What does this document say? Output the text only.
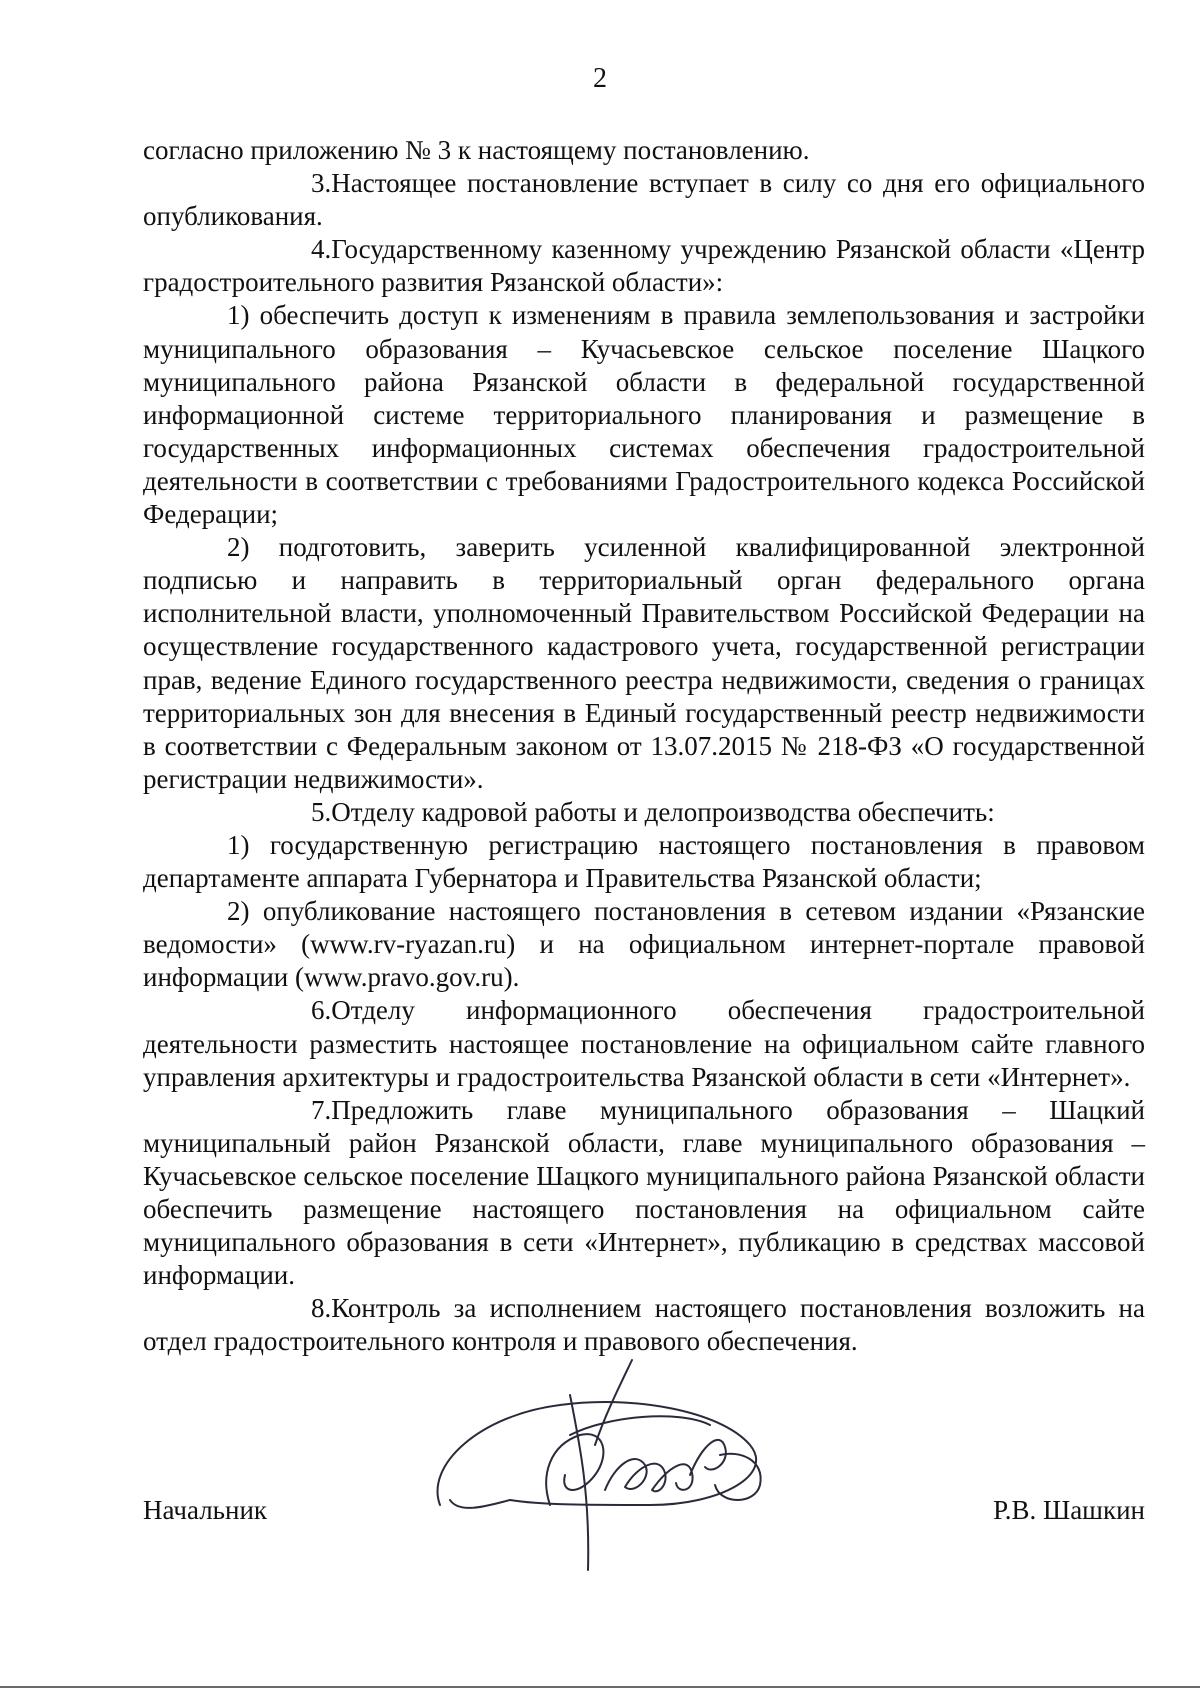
2

согласно приложению № 3 к настоящему постановлению.

3.Настоящее постановление вступает в силу со дня его официального опубликования.

4.Государственному казенному учреждению Рязанской области «Центр градостроительного развития Рязанской области»:

1) обеспечить доступ к изменениям в правила землепользования и застройки муниципального образования – Кучасьевское сельское поселение Шацкого муниципального района Рязанской области в федеральной государственной информационной системе территориального планирования и размещение в государственных информационных системах обеспечения градостроительной деятельности в соответствии с требованиями Градостроительного кодекса Российской Федерации;

2) подготовить, заверить усиленной квалифицированной электронной подписью и направить в территориальный орган федерального органа исполнительной власти, уполномоченный Правительством Российской Федерации на осуществление государственного кадастрового учета, государственной регистрации прав, ведение Единого государственного реестра недвижимости, сведения о границах территориальных зон для внесения в Единый государственный реестр недвижимости в соответствии с Федеральным законом от 13.07.2015 № 218-ФЗ «О государственной регистрации недвижимости».

5.Отделу кадровой работы и делопроизводства обеспечить:

1) государственную регистрацию настоящего постановления в правовом департаменте аппарата Губернатора и Правительства Рязанской области;

2) опубликование настоящего постановления в сетевом издании «Рязанские ведомости» (www.rv-ryazan.ru) и на официальном интернет-портале правовой информации (www.pravo.gov.ru).

6.Отделу информационного обеспечения градостроительной деятельности разместить настоящее постановление на официальном сайте главного управления архитектуры и градостроительства Рязанской области в сети «Интернет».

7.Предложить главе муниципального образования – Шацкий муниципальный район Рязанской области, главе муниципального образования – Кучасьевское сельское поселение Шацкого муниципального района Рязанской области обеспечить размещение настоящего постановления на официальном сайте муниципального образования в сети «Интернет», публикацию в средствах массовой информации.

8.Контроль за исполнением настоящего постановления возложить на отдел градостроительного контроля и правового обеспечения.

Начальник	Р.В. Шашкин
